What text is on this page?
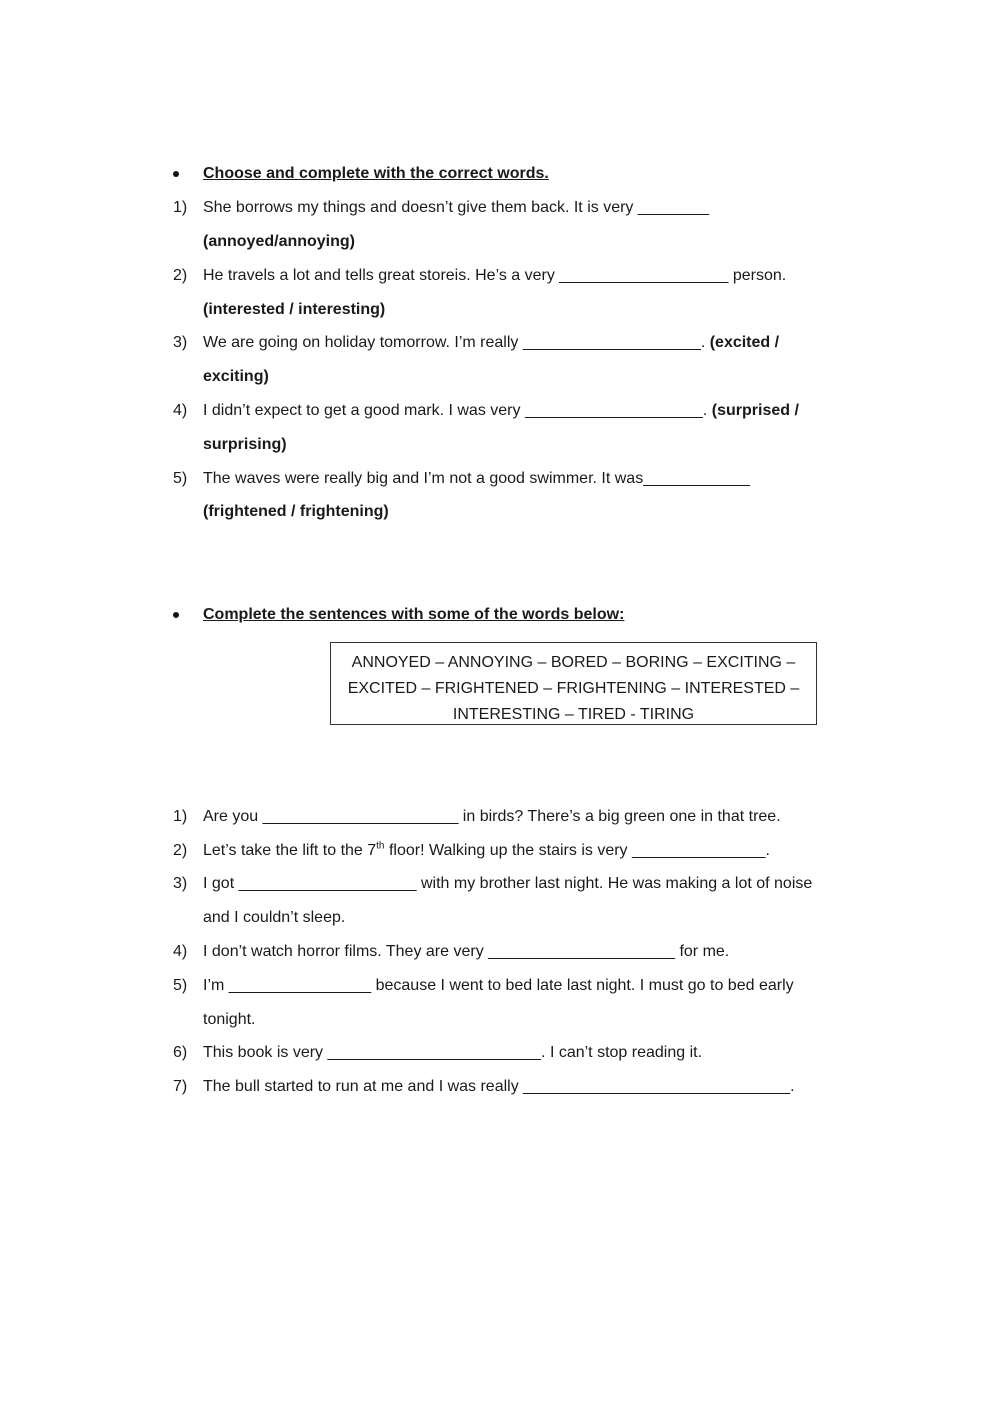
Choose and complete with the correct words.
1) She borrows my things and doesn’t give them back. It is very ________
(annoyed/annoying)
2) He travels a lot and tells great storeis. He’s a very ___________________ person.
(interested / interesting)
3) We are going on holiday tomorrow. I’m really ____________________. (excited /
exciting)
4) I didn’t expect to get a good mark. I was very ____________________. (surprised /
surprising)
5) The waves were really big and I’m not a good swimmer. It was____________
(frightened / frightening)
Complete the sentences with some of the words below:
ANNOYED – ANNOYING – BORED – BORING – EXCITING –
EXCITED – FRIGHTENED – FRIGHTENING – INTERESTED –
INTERESTING – TIRED - TIRING
1) Are you ______________________ in birds? There’s a big green one in that tree.
2) Let’s take the lift to the 7th floor! Walking up the stairs is very _______________.
3) I got ____________________ with my brother last night. He was making a lot of noise
and I couldn’t sleep.
4) I don’t watch horror films. They are very _____________________ for me.
5) I’m ________________ because I went to bed late last night. I must go to bed early
tonight.
6) This book is very ________________________. I can’t stop reading it.
7) The bull started to run at me and I was really ______________________________.
